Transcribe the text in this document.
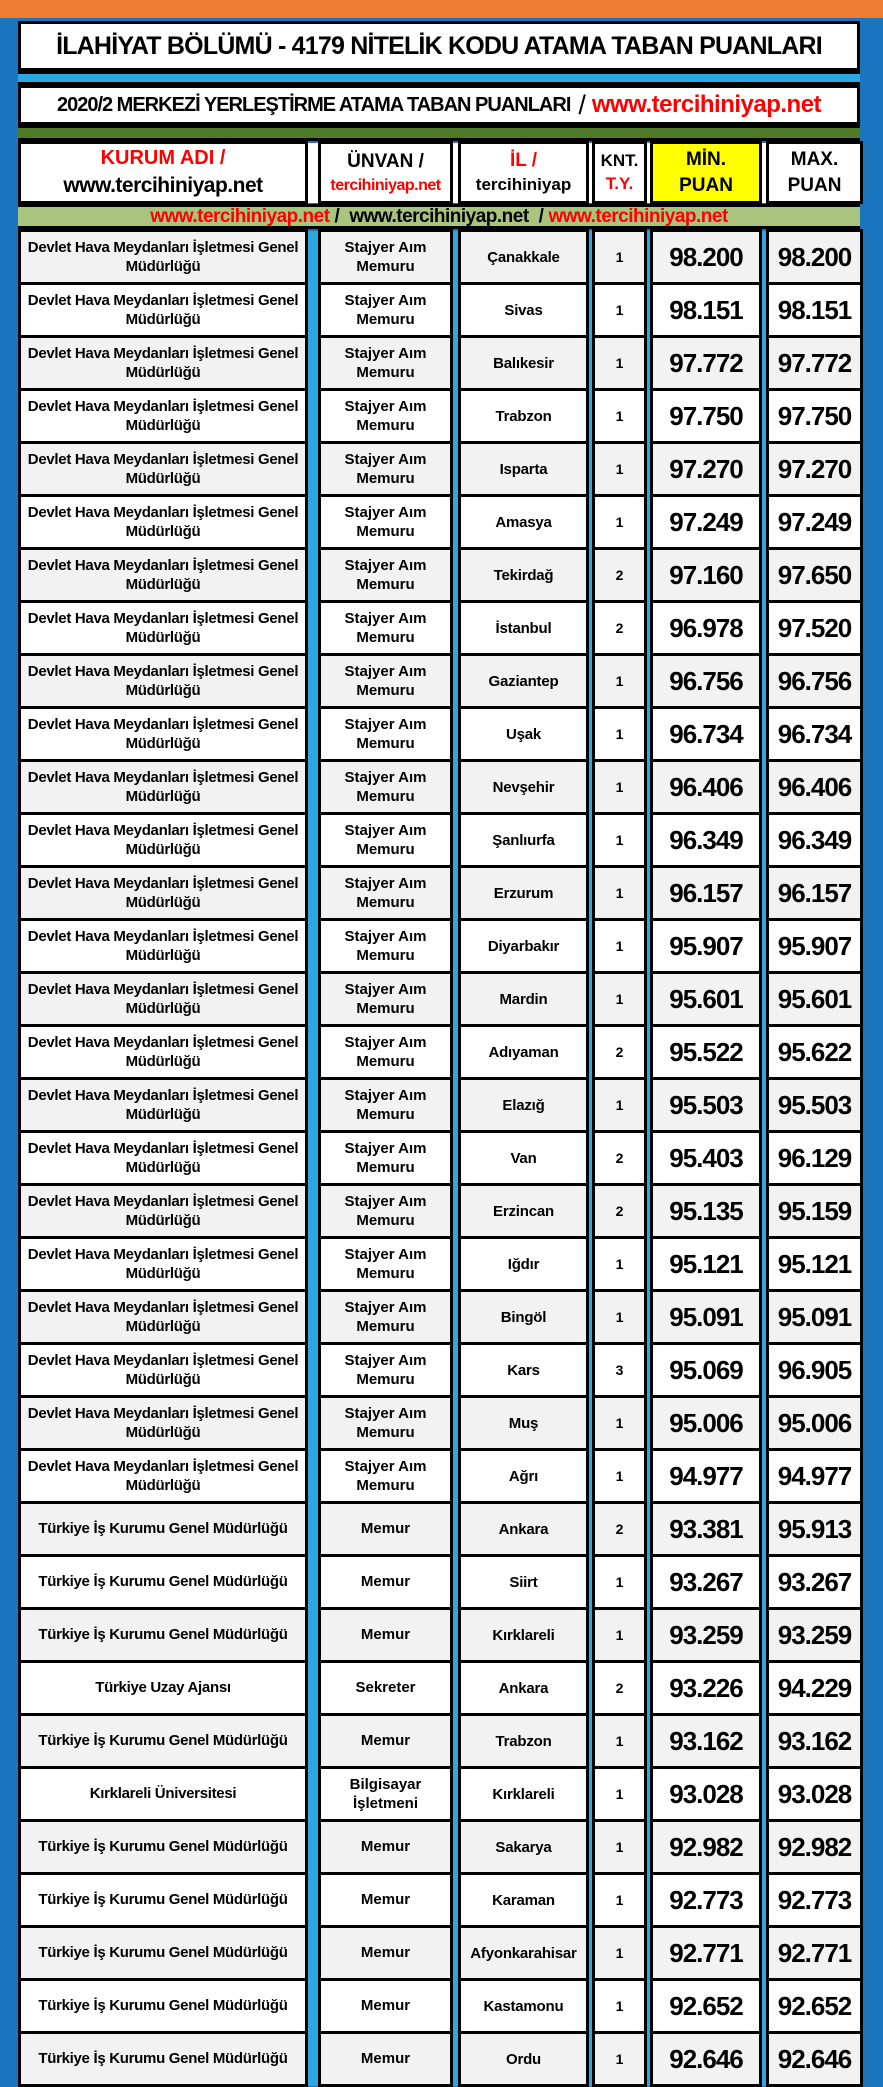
İLAHİYAT BÖLÜMÜ - 4179 NİTELİK KODU ATAMA TABAN PUANLARI
2020/2 MERKEZİ YERLEŞTİRME ATAMA TABAN PUANLARI / www.tercihiniyap.net
KURUM ADI /
www.tercihiniyap.net

ÜNVAN /
tercihiniyap.net

İL /
tercihiniyap

KNT.
T.Y.

MİN.
PUAN

MAX.
PUAN
www.tercihiniyap.net / www.tercihiniyap.net / www.tercihiniyap.net
Devlet Hava Meydanları İşletmesi Genel Müdürlüğü		Stajyer Aım Memuru		Çanakkale		1		98.200		98.200
Devlet Hava Meydanları İşletmesi Genel Müdürlüğü		Stajyer Aım Memuru		Sivas		1		98.151		98.151
Devlet Hava Meydanları İşletmesi Genel Müdürlüğü		Stajyer Aım Memuru		Balıkesir		1		97.772		97.772
Devlet Hava Meydanları İşletmesi Genel Müdürlüğü		Stajyer Aım Memuru		Trabzon		1		97.750		97.750
Devlet Hava Meydanları İşletmesi Genel Müdürlüğü		Stajyer Aım Memuru		Isparta		1		97.270		97.270
Devlet Hava Meydanları İşletmesi Genel Müdürlüğü		Stajyer Aım Memuru		Amasya		1		97.249		97.249
Devlet Hava Meydanları İşletmesi Genel Müdürlüğü		Stajyer Aım Memuru		Tekirdağ		2		97.160		97.650
Devlet Hava Meydanları İşletmesi Genel Müdürlüğü		Stajyer Aım Memuru		İstanbul		2		96.978		97.520
Devlet Hava Meydanları İşletmesi Genel Müdürlüğü		Stajyer Aım Memuru		Gaziantep		1		96.756		96.756
Devlet Hava Meydanları İşletmesi Genel Müdürlüğü		Stajyer Aım Memuru		Uşak		1		96.734		96.734
Devlet Hava Meydanları İşletmesi Genel Müdürlüğü		Stajyer Aım Memuru		Nevşehir		1		96.406		96.406
Devlet Hava Meydanları İşletmesi Genel Müdürlüğü		Stajyer Aım Memuru		Şanlıurfa		1		96.349		96.349
Devlet Hava Meydanları İşletmesi Genel Müdürlüğü		Stajyer Aım Memuru		Erzurum		1		96.157		96.157
Devlet Hava Meydanları İşletmesi Genel Müdürlüğü		Stajyer Aım Memuru		Diyarbakır		1		95.907		95.907
Devlet Hava Meydanları İşletmesi Genel Müdürlüğü		Stajyer Aım Memuru		Mardin		1		95.601		95.601
Devlet Hava Meydanları İşletmesi Genel Müdürlüğü		Stajyer Aım Memuru		Adıyaman		2		95.522		95.622
Devlet Hava Meydanları İşletmesi Genel Müdürlüğü		Stajyer Aım Memuru		Elazığ		1		95.503		95.503
Devlet Hava Meydanları İşletmesi Genel Müdürlüğü		Stajyer Aım Memuru		Van		2		95.403		96.129
Devlet Hava Meydanları İşletmesi Genel Müdürlüğü		Stajyer Aım Memuru		Erzincan		2		95.135		95.159
Devlet Hava Meydanları İşletmesi Genel Müdürlüğü		Stajyer Aım Memuru		Iğdır		1		95.121		95.121
Devlet Hava Meydanları İşletmesi Genel Müdürlüğü		Stajyer Aım Memuru		Bingöl		1		95.091		95.091
Devlet Hava Meydanları İşletmesi Genel Müdürlüğü		Stajyer Aım Memuru		Kars		3		95.069		96.905
Devlet Hava Meydanları İşletmesi Genel Müdürlüğü		Stajyer Aım Memuru		Muş		1		95.006		95.006
Devlet Hava Meydanları İşletmesi Genel Müdürlüğü		Stajyer Aım Memuru		Ağrı		1		94.977		94.977
Türkiye İş Kurumu Genel Müdürlüğü		Memur		Ankara		2		93.381		95.913
Türkiye İş Kurumu Genel Müdürlüğü		Memur		Siirt		1		93.267		93.267
Türkiye İş Kurumu Genel Müdürlüğü		Memur		Kırklareli		1		93.259		93.259
Türkiye Uzay Ajansı		Sekreter		Ankara		2		93.226		94.229
Türkiye İş Kurumu Genel Müdürlüğü		Memur		Trabzon		1		93.162		93.162
Kırklareli Üniversitesi		Bilgisayar İşletmeni		Kırklareli		1		93.028		93.028
Türkiye İş Kurumu Genel Müdürlüğü		Memur		Sakarya		1		92.982		92.982
Türkiye İş Kurumu Genel Müdürlüğü		Memur		Karaman		1		92.773		92.773
Türkiye İş Kurumu Genel Müdürlüğü		Memur		Afyonkarahisar		1		92.771		92.771
Türkiye İş Kurumu Genel Müdürlüğü		Memur		Kastamonu		1		92.652		92.652
Türkiye İş Kurumu Genel Müdürlüğü		Memur		Ordu		1		92.646		92.646
